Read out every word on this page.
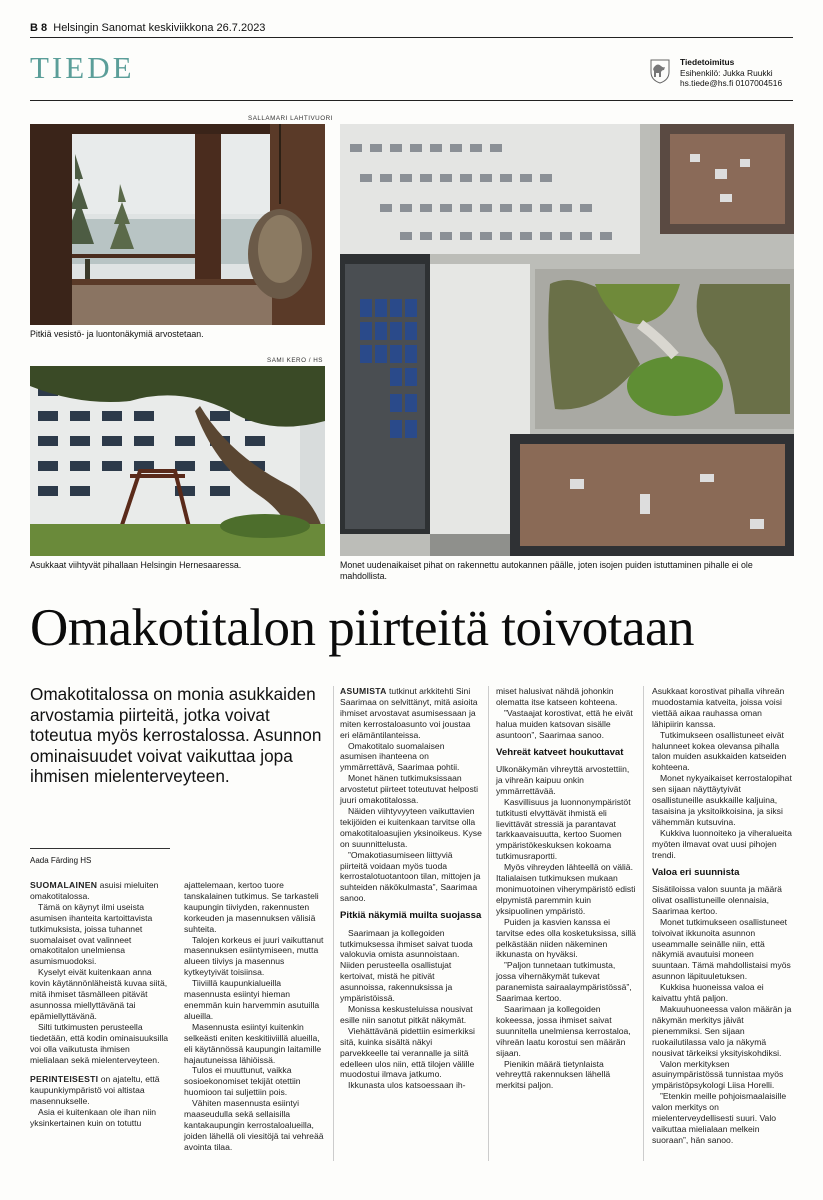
B 8 Helsingin Sanomat keskiviikkona 26.7.2023
TIEDE	Tiedetoimitus
Esihenkilö: Jukka Ruukki
hs.tiede@hs.fi 0107004516
SALLAMARI LAHTIVUORI
Pitkiä vesistö- ja luontonäkymiä arvostetaan.
SAMI KERO / HS
Asukkaat viihtyvät pihallaan Helsingin Hernesaaressa.	Monet uudenaikaiset pihat on rakennettu autokannen päälle, joten isojen puiden istuttaminen pihalle ei ole mahdollista.
Omakotitalon piirteitä toivotaan
Omakotitalossa on monia asukkaiden arvostamia piirteitä, jotka voivat toteutua myös kerrostalossa. Asunnon ominaisuudet voivat vaikuttaa jopa ihmisen mielenterveyteen.
Aada Färding HS

SUOMALAINEN asuisi mieluiten omakotitalossa.

Tämä on käynyt ilmi useista asumisen ihanteita kartoittavista tutkimuksista, joissa tuhannet suomalaiset ovat valinneet omakotitalon unelmiensa asumismuodoksi.

Kyselyt eivät kuitenkaan anna kovin käytännönläheistä kuvaa siitä, mitä ihmiset täsmälleen pitävät asunnossa miellyttävänä tai epämiellyttävänä.

Silti tutkimusten perusteella tiedetään, että kodin ominaisuuksilla voi olla vaikutusta ihmisen mielialaan sekä mielenterveyteen.

PERINTEISESTI on ajateltu, että kaupunkiympäristö voi altistaa masennukselle.

Asia ei kuitenkaan ole ihan niin yksinkertainen kuin on totuttu

ajattelemaan, kertoo tuore tanskalainen tutkimus. Se tarkasteli kaupungin tiiviyden, rakennusten korkeuden ja masennuksen välisiä suhteita.

Talojen korkeus ei juuri vaikuttanut masennuksen esiintymiseen, mutta alueen tiiviys ja masennus kytkeytyivät toisiinsa.

Tiiviillä kaupunkialueilla masennusta esiintyi hieman enemmän kuin harvemmin asutuilla alueilla.

Masennusta esiintyi kuitenkin selkeästi eniten keskitiiviillä alueilla, eli käytännössä kaupungin laitamille hajautuneissa lähiöissä.

Tulos ei muuttunut, vaikka sosioekonomiset tekijät otettiin huomioon tai suljettiin pois.

Vähiten masennusta esiintyi maaseudulla sekä sellaisilla kantakaupungin kerrostaloalueilla, joiden lähellä oli viesitöjä tai vehreää avointa tilaa.

ASUMISTA tutkinut arkkitehti Sini Saarimaa on selvittänyt, mitä asioita ihmiset arvostavat asumisessaan ja miten kerrostaloasunto voi joustaa eri elämäntilanteissa.

Omakotitalo suomalaisen asumisen ihanteena on ymmärrettävä, Saarimaa pohtii.

Monet hänen tutkimuksissaan arvostetut piirteet toteutuvat helposti juuri omakotitalossa.

Näiden viihtyvyyteen vaikuttavien tekijöiden ei kuitenkaan tarvitse olla omakotitaloasujien yksinoikeus. Kyse on suunnittelusta.

”Omakotiasumiseen liittyviä piirteitä voidaan myös tuoda kerrostalotuotantoon tilan, mittojen ja suhteiden näkökulmasta”, Saarimaa sanoo.

Pitkiä näkymiä muilta suojassa

Saarimaan ja kollegoiden tutkimuksessa ihmiset saivat tuoda valokuvia omista asunnoistaan. Niiden perusteella osallistujat kertoivat, mistä he pitivät asunnoissa, rakennuksissa ja ympäristöissä.

Monissa keskusteluissa nousivat esille niin sanotut pitkät näkymät.

Viehättävänä pidettiin esimerkiksi sitä, kuinka sisältä näkyi parvekkeelle tai verannalle ja siitä edelleen ulos niin, että tilojen välille muodostui ilmava jatkumo.

Ikkunasta ulos katsoessaan ih-

miset halusivat nähdä johonkin olematta itse katseen kohteena.

”Vastaajat korostivat, että he eivät halua muiden katsovan sisälle asuntoon”, Saarimaa sanoo.

Vehreät katveet houkuttavat

Ulkonäkymän vihreyttä arvostettiin, ja vihreän kaipuu onkin ymmärrettävää.

Kasvillisuus ja luonnonympäristöt tutkitusti elvyttävät ihmistä eli lievittävät stressiä ja parantavat tarkkaavaisuutta, kertoo Suomen ympäristökeskuksen kokoama tutkimusraportti.

Myös vihreyden lähteellä on väliä. Italialaisen tutkimuksen mukaan monimuotoinen viherympäristö edisti elpymistä paremmin kuin yksipuolinen ympäristö.

Puiden ja kasvien kanssa ei tarvitse edes olla kosketuksissa, sillä pelkästään niiden näkeminen ikkunasta on hyväksi.

”Paljon tunnetaan tutkimusta, jossa vihernäkymät tukevat paranemista sairaalaympäristössä”, Saarimaa kertoo.

Saarimaan ja kollegoiden kokeessa, jossa ihmiset saivat suunnitella unelmiensa kerrostaloa, vihreän laatu korostui sen määrän sijaan.

Pienikin määrä tietynlaista vehreyttä rakennuksen lähellä merkitsi paljon.

Asukkaat korostivat pihalla vihreän muodostamia katveita, joissa voisi viettää aikaa rauhassa oman lähipiirin kanssa.

Tutkimukseen osallistuneet eivät halunneet kokea olevansa pihalla talon muiden asukkaiden katseiden kohteena.

Monet nykyaikaiset kerrostalopihat sen sijaan näyttäytyivät osallistuneille asukkaille kaljuina, tasaisina ja yksitoikkoisina, ja siksi vähemmän kutsuvina.

Kukkiva luonnoiteko ja viheralueita myöten ilmavat ovat uusi pihojen trendi.

Valoa eri suunnista

Sisätiloissa valon suunta ja määrä olivat osallistuneille olennaisia, Saarimaa kertoo.

Monet tutkimukseen osallistuneet toivoivat ikkunoita asunnon useammalle seinälle niin, että näkymiä avautuisi moneen suuntaan. Tämä mahdollistaisi myös asunnon läpituuletuksen.

Kukkisa huoneissa valoa ei kaivattu yhtä paljon.

Makuuhuoneessa valon määrän ja näkymän merkitys jäivät pienemmiksi. Sen sijaan ruokailutilassa valo ja näkymä nousivat tärkeiksi yksityiskohdiksi.

Valon merkityksen asuinympäristössä tunnistaa myös ympäristöpsykologi Liisa Horelli.

”Etenkin meille pohjoismaalaisille valon merkitys on mielenterveydellisesti suuri. Valo vaikuttaa mielialaan melkein suoraan”, hän sanoo.
